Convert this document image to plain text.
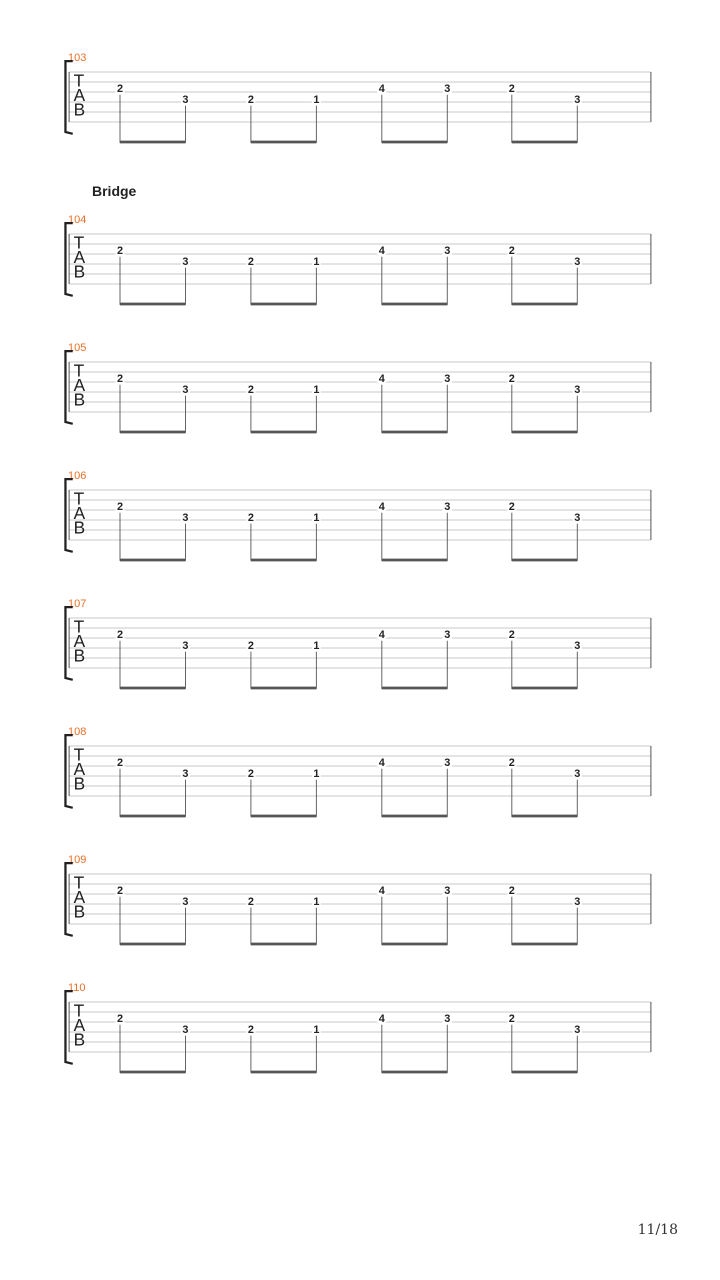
Bridge
103
T
A
B
2
3	2	1
4	3	2
3
104
T
A
B
2
3	2	1
4	3	2
3
105
T
A
B
2
3	2	1
4	3	2
3
106
T
A
B
2
3	2	1
4	3	2
3
107
T
A
B
2
3	2	1
4	3	2
3
108
T
A
B
2
3	2	1
4	3	2
3
109
T
A
B
2
3	2	1
4	3	2
3
110
T
A
B
2
3	2	1
4	3	2
3
11/18
